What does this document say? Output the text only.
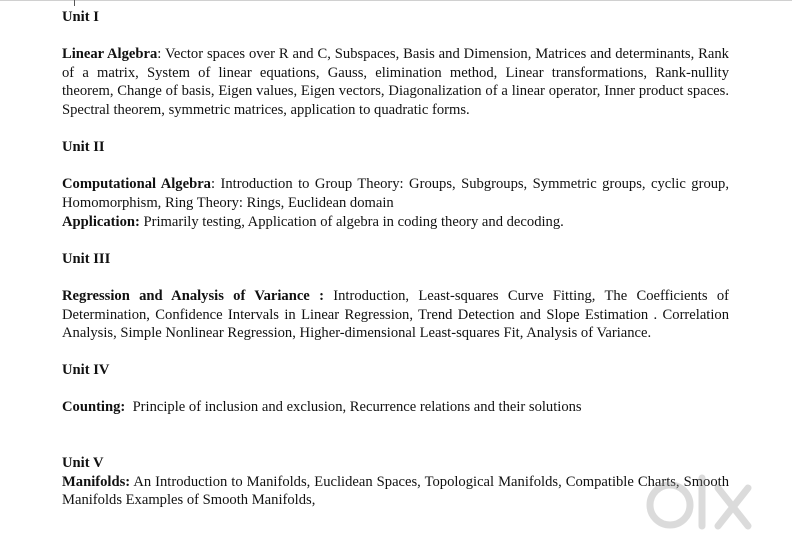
Unit I

Linear Algebra: Vector spaces over R and C, Subspaces, Basis and Dimension, Matrices and determinants, Rank of a matrix, System of linear equations, Gauss, elimination method, Linear transformations, Rank-nullity theorem, Change of basis, Eigen values, Eigen vectors, Diagonalization of a linear operator, Inner product spaces. Spectral theorem, symmetric matrices, application to quadratic forms.

Unit II

Computational Algebra: Introduction to Group Theory: Groups, Subgroups, Symmetric groups, cyclic group, Homomorphism, Ring Theory: Rings, Euclidean domain

Application: Primarily testing, Application of algebra in coding theory and decoding.

Unit III

Regression and Analysis of Variance : Introduction, Least-squares Curve Fitting, The Coefficients of Determination, Confidence Intervals in Linear Regression, Trend Detection and Slope Estimation . Correlation Analysis, Simple Nonlinear Regression, Higher-dimensional Least-squares Fit, Analysis of Variance.

Unit IV

Counting: Principle of inclusion and exclusion, Recurrence relations and their solutions

Unit V

Manifolds: An Introduction to Manifolds, Euclidean Spaces, Topological Manifolds, Compatible Charts, Smooth Manifolds Examples of Smooth Manifolds,
